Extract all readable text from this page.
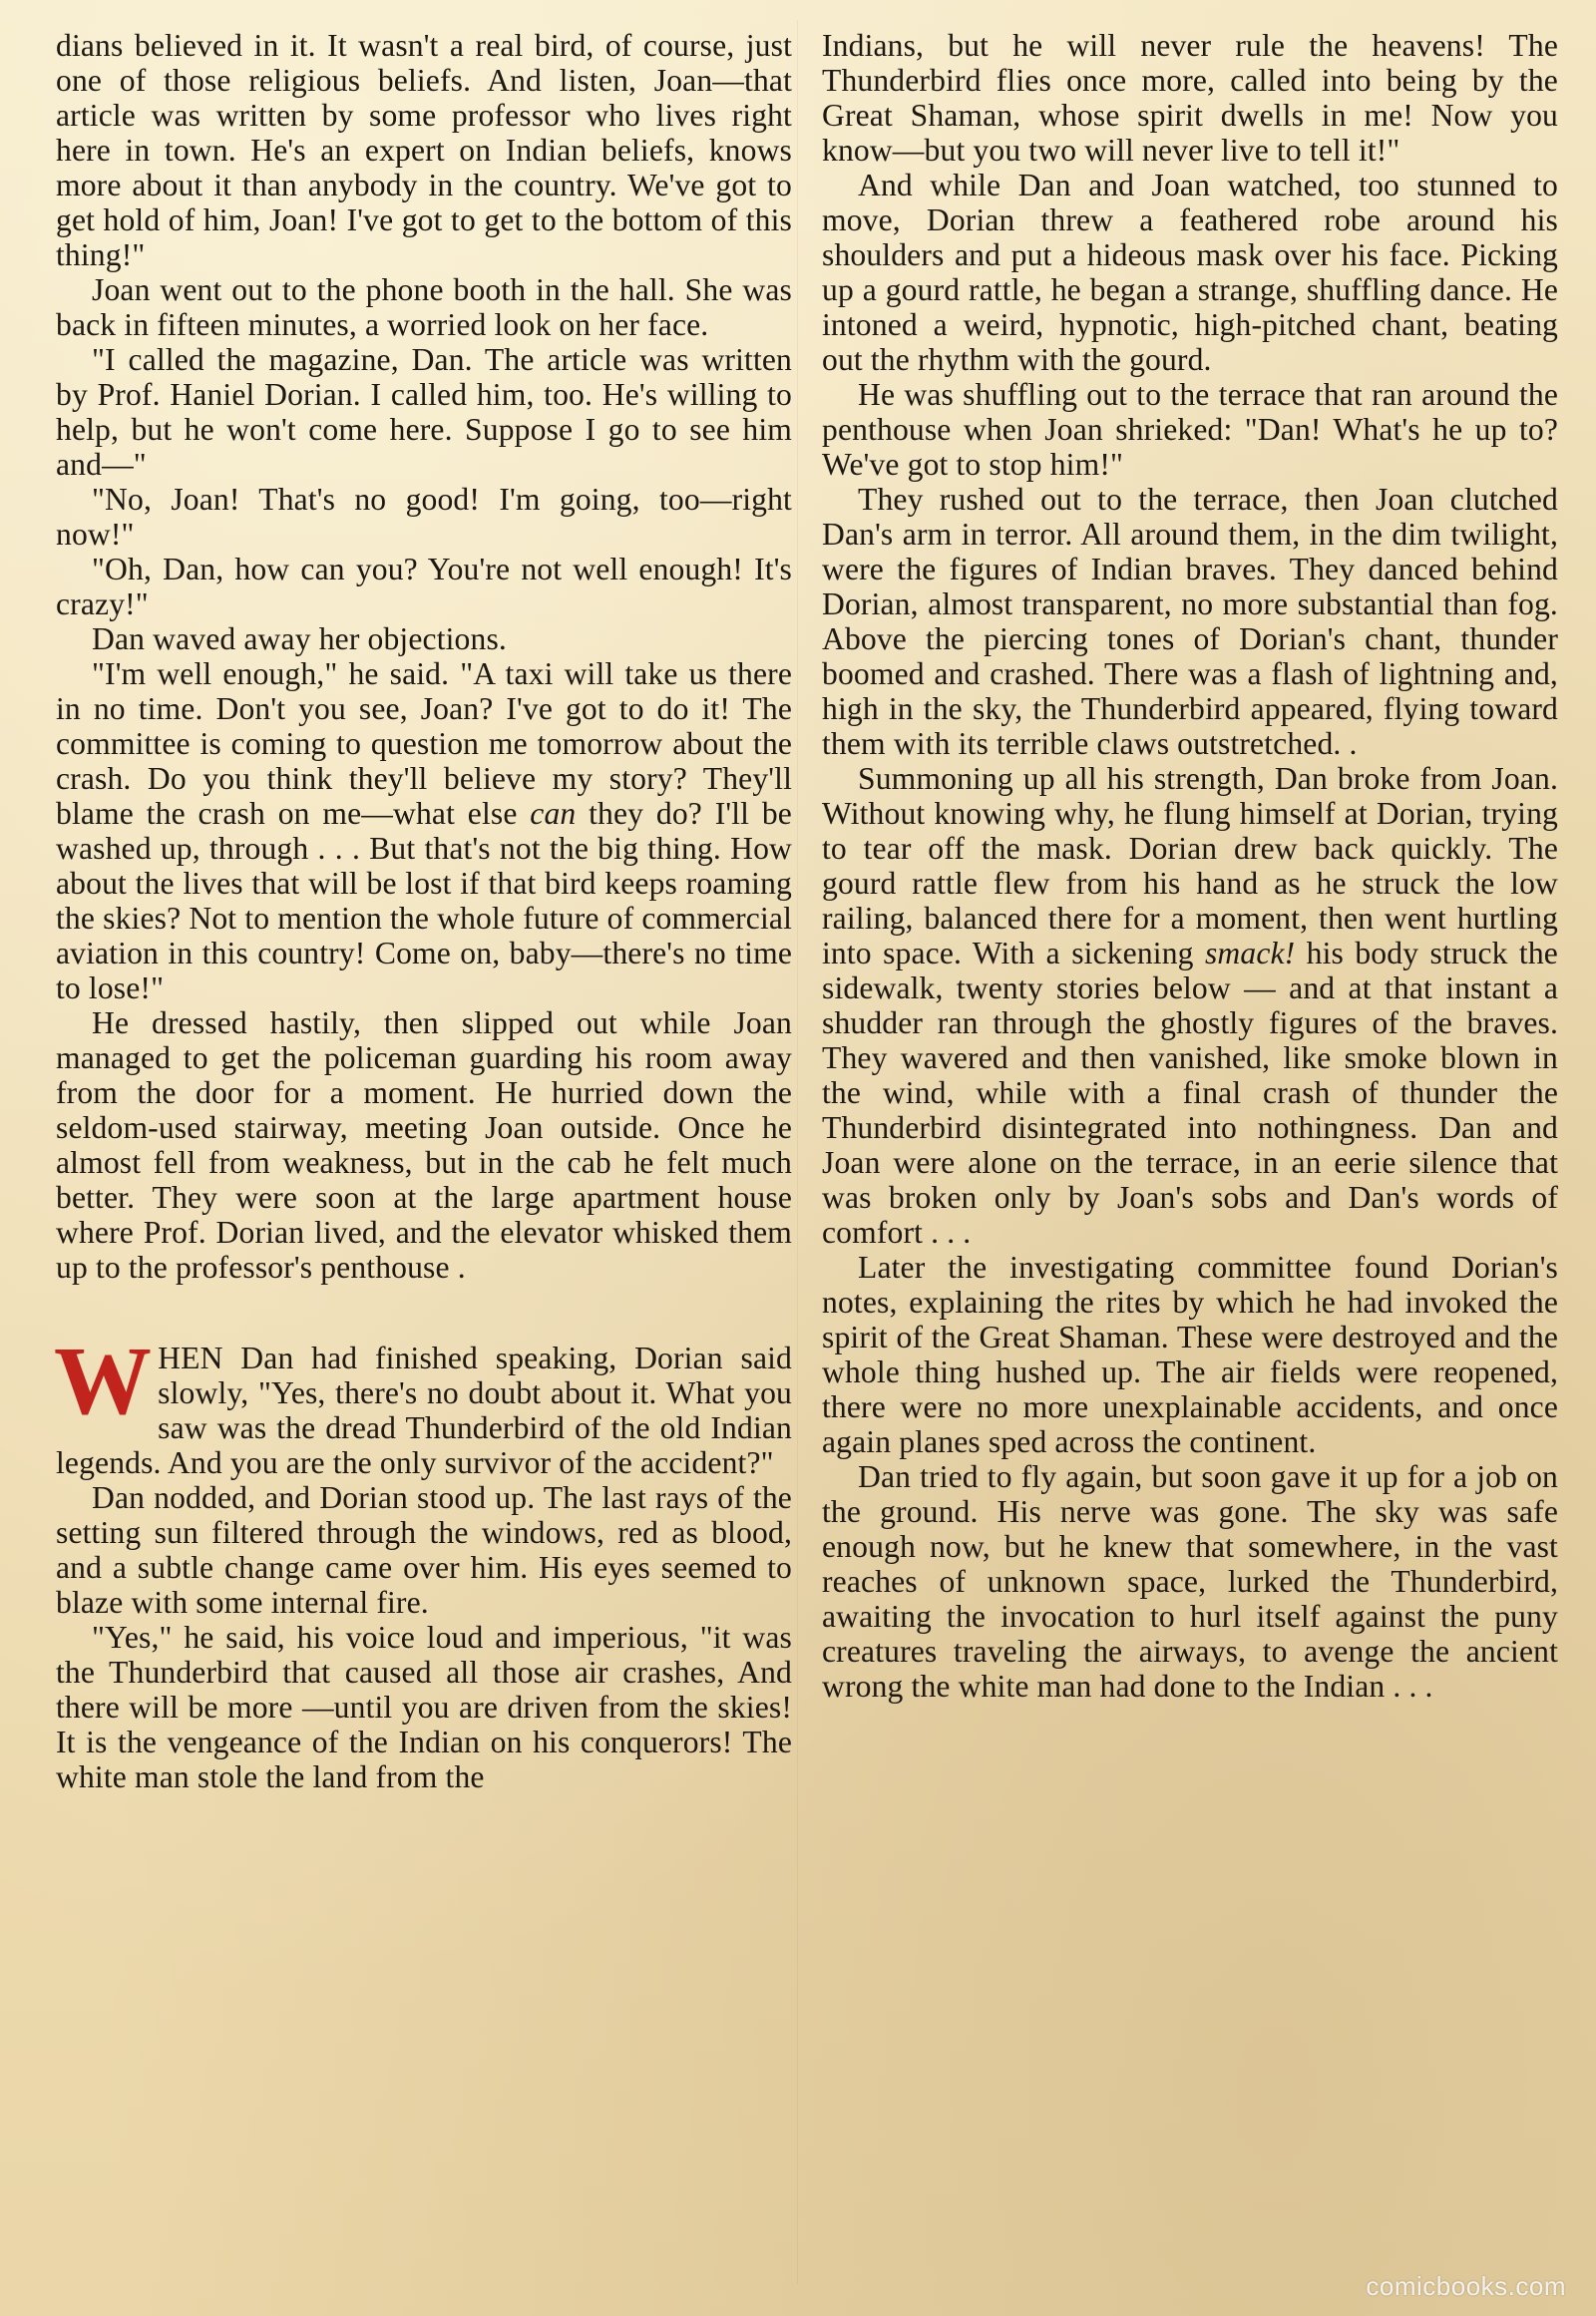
dians believed in it. It wasn't a real bird, of course, just one of those religious beliefs. And listen, Joan—that article was written by some professor who lives right here in town. He's an expert on Indian beliefs, knows more about it than anybody in the country. We've got to get hold of him, Joan! I've got to get to the bottom of this thing!"

Joan went out to the phone booth in the hall. She was back in fifteen minutes, a worried look on her face.

"I called the magazine, Dan. The article was written by Prof. Haniel Dorian. I called him, too. He's willing to help, but he won't come here. Suppose I go to see him and—"

"No, Joan! That's no good! I'm going, too—right now!"

"Oh, Dan, how can you? You're not well enough! It's crazy!"

Dan waved away her objections.

"I'm well enough," he said. "A taxi will take us there in no time. Don't you see, Joan? I've got to do it! The committee is coming to question me tomorrow about the crash. Do you think they'll believe my story? They'll blame the crash on me—what else can they do? I'll be washed up, through . . . But that's not the big thing. How about the lives that will be lost if that bird keeps roaming the skies? Not to mention the whole future of commercial aviation in this country! Come on, baby—there's no time to lose!"

He dressed hastily, then slipped out while Joan managed to get the policeman guarding his room away from the door for a moment. He hurried down the seldom-used stairway, meeting Joan outside. Once he almost fell from weakness, but in the cab he felt much better. They were soon at the large apartment house where Prof. Dorian lived, and the elevator whisked them up to the professor's penthouse .

WHEN Dan had finished speaking, Dorian said slowly, "Yes, there's no doubt about it. What you saw was the dread Thunderbird of the old Indian legends. And you are the only survivor of the accident?"

Dan nodded, and Dorian stood up. The last rays of the setting sun filtered through the windows, red as blood, and a subtle change came over him. His eyes seemed to blaze with some internal fire.

"Yes," he said, his voice loud and imperious, "it was the Thunderbird that caused all those air crashes, And there will be more —until you are driven from the skies! It is the vengeance of the Indian on his conquerors! The white man stole the land from the

Indians, but he will never rule the heavens! The Thunderbird flies once more, called into being by the Great Shaman, whose spirit dwells in me! Now you know—but you two will never live to tell it!"

And while Dan and Joan watched, too stunned to move, Dorian threw a feathered robe around his shoulders and put a hideous mask over his face. Picking up a gourd rattle, he began a strange, shuffling dance. He intoned a weird, hypnotic, high-pitched chant, beating out the rhythm with the gourd.

He was shuffling out to the terrace that ran around the penthouse when Joan shrieked: "Dan! What's he up to? We've got to stop him!"

They rushed out to the terrace, then Joan clutched Dan's arm in terror. All around them, in the dim twilight, were the figures of Indian braves. They danced behind Dorian, almost transparent, no more substantial than fog. Above the piercing tones of Dorian's chant, thunder boomed and crashed. There was a flash of lightning and, high in the sky, the Thunderbird appeared, flying toward them with its terrible claws outstretched. .

Summoning up all his strength, Dan broke from Joan. Without knowing why, he flung himself at Dorian, trying to tear off the mask. Dorian drew back quickly. The gourd rattle flew from his hand as he struck the low railing, balanced there for a moment, then went hurtling into space. With a sickening smack! his body struck the sidewalk, twenty stories below — and at that instant a shudder ran through the ghostly figures of the braves. They wavered and then vanished, like smoke blown in the wind, while with a final crash of thunder the Thunderbird disintegrated into nothingness. Dan and Joan were alone on the terrace, in an eerie silence that was broken only by Joan's sobs and Dan's words of comfort . . .

Later the investigating committee found Dorian's notes, explaining the rites by which he had invoked the spirit of the Great Shaman. These were destroyed and the whole thing hushed up. The air fields were reopened, there were no more unexplainable accidents, and once again planes sped across the continent.

Dan tried to fly again, but soon gave it up for a job on the ground. His nerve was gone. The sky was safe enough now, but he knew that somewhere, in the vast reaches of unknown space, lurked the Thunderbird, awaiting the invocation to hurl itself against the puny creatures traveling the airways, to avenge the ancient wrong the white man had done to the Indian . . .

comicbooks.com
